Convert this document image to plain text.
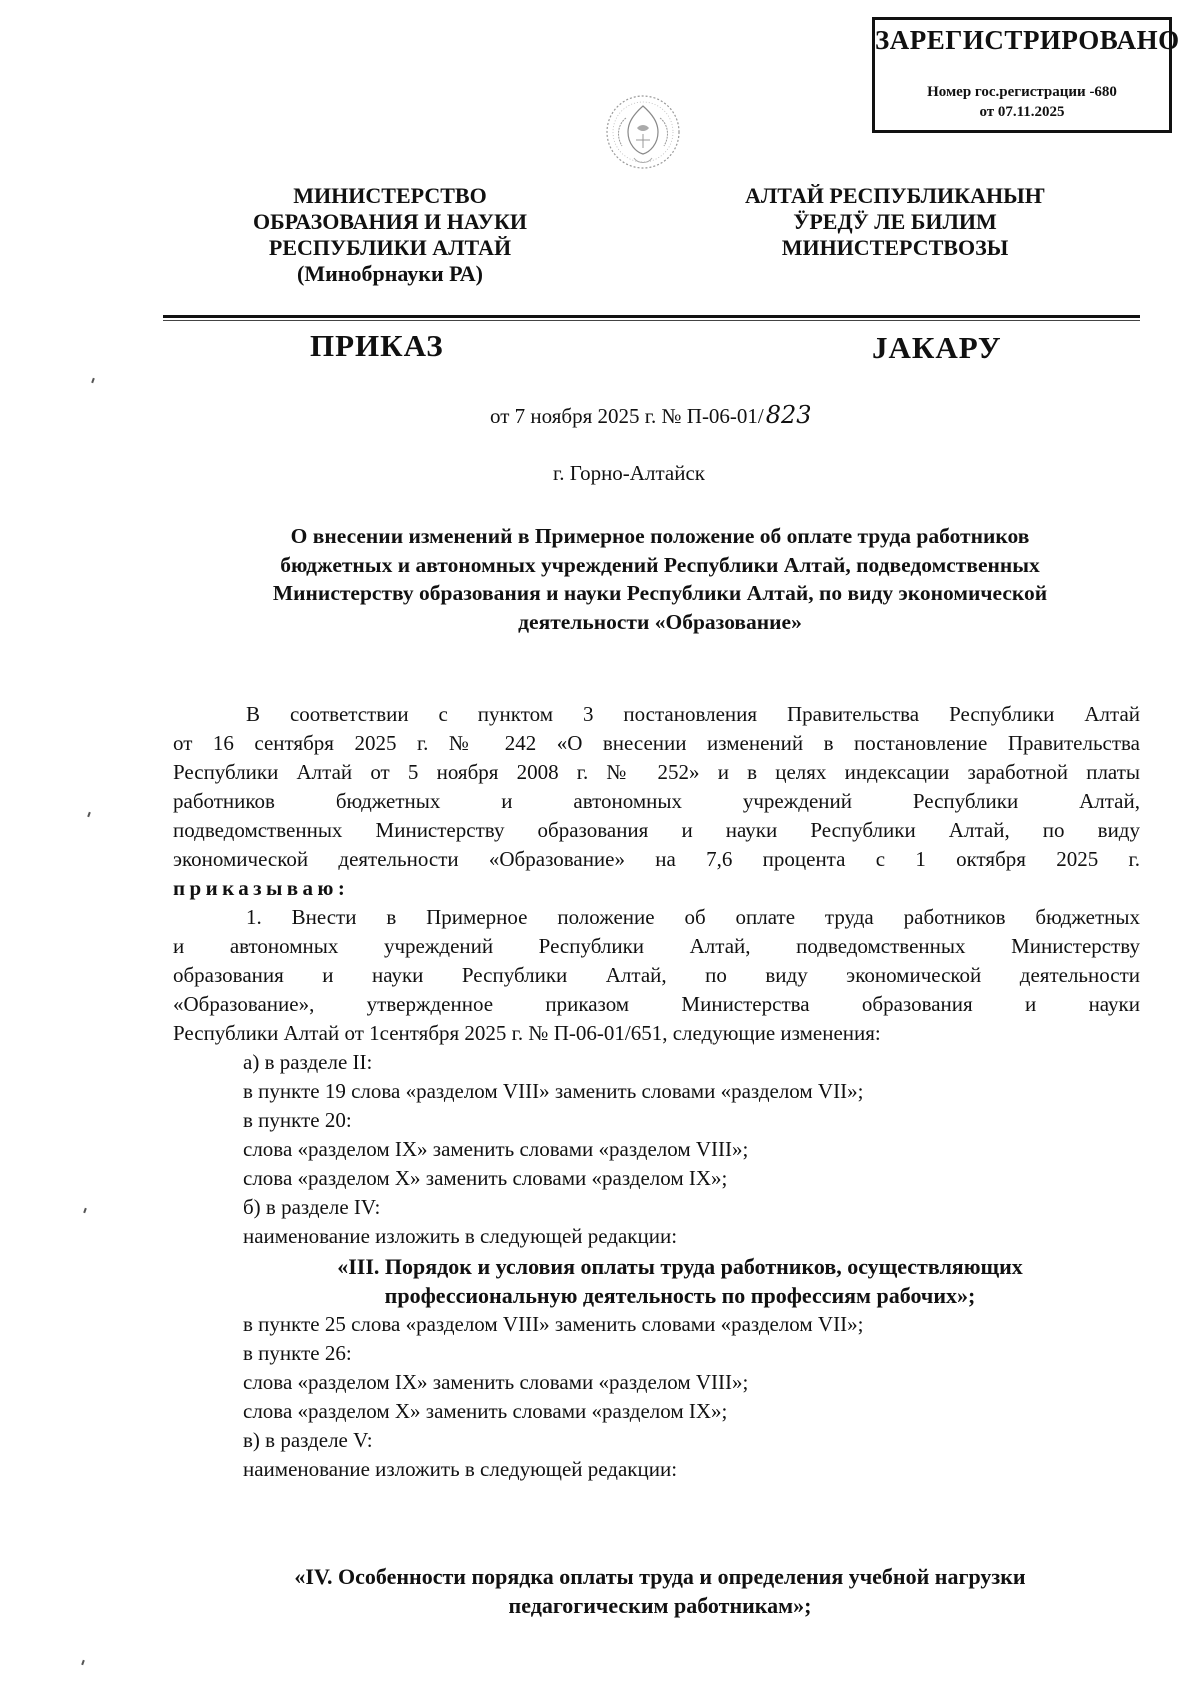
ЗАРЕГИСТРИРОВАНО
Номер гос.регистрации -680
от 07.11.2025
МИНИСТЕРСТВО
ОБРАЗОВАНИЯ И НАУКИ
РЕСПУБЛИКИ АЛТАЙ
(Минобрнауки РА)
АЛТАЙ РЕСПУБЛИКАНЫҤ
ӰРЕДӰ ЛЕ БИЛИМ
МИНИСТЕРСТВОЗЫ
ПРИКАЗ	JАКАРУ
от 7 ноября 2025 г. № П-06-01/823
г. Горно-Алтайск
О внесении изменений в Примерное положение об оплате труда работников
бюджетных и автономных учреждений Республики Алтай, подведомственных
Министерству образования и науки Республики Алтай, по виду экономической
деятельности «Образование»
В соответствии с пунктом 3 постановления Правительства Республики Алтай
от 16 сентября 2025 г. № 242 «О внесении изменений в постановление Правительства
Республики Алтай от 5 ноября 2008 г. № 252» и в целях индексации заработной платы
работников бюджетных и автономных учреждений Республики Алтай,
подведомственных Министерству образования и науки Республики Алтай, по виду
экономической деятельности «Образование» на 7,6 процента с 1 октября 2025 г.
приказываю:
1. Внести в Примерное положение об оплате труда работников бюджетных
и автономных учреждений Республики Алтай, подведомственных Министерству
образования и науки Республики Алтай, по виду экономической деятельности
«Образование», утвержденное приказом Министерства образования и науки
Республики Алтай от 1сентября 2025 г. № П-06-01/651, следующие изменения:
а) в разделе II:
в пункте 19 слова «разделом VIII» заменить словами «разделом VII»;
в пункте 20:
слова «разделом IX» заменить словами «разделом VIII»;
слова «разделом X» заменить словами «разделом IX»;
б) в разделе IV:
наименование изложить в следующей редакции:
«III. Порядок и условия оплаты труда работников, осуществляющих
профессиональную деятельность по профессиям рабочих»;
в пункте 25 слова «разделом VIII» заменить словами «разделом VII»;
в пункте 26:
слова «разделом IX» заменить словами «разделом VIII»;
слова «разделом X» заменить словами «разделом IX»;
в) в разделе V:
наименование изложить в следующей редакции:
«IV. Особенности порядка оплаты труда и определения учебной нагрузки
педагогическим работникам»;
